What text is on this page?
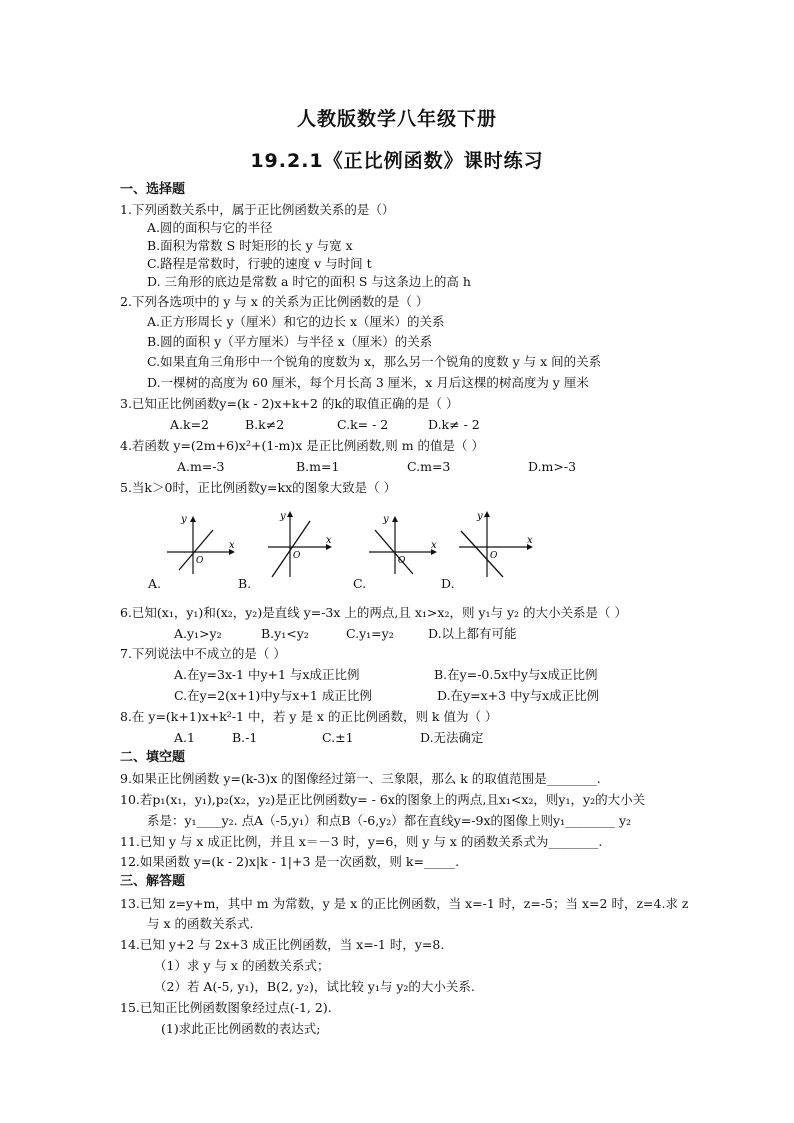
人教版数学八年级下册
19.2.1《正比例函数》课时练习
一、选择题
1.下列函数关系中，属于正比例函数关系的是（）
A.圆的面积与它的半径
B.面积为常数 S 时矩形的长 y 与宽 x
C.路程是常数时，行驶的速度 v 与时间 t
D. 三角形的底边是常数 a 时它的面积 S 与这条边上的高 h
2.下列各选项中的 y 与 x 的关系为正比例函数的是（ ）
A.正方形周长 y（厘米）和它的边长 x（厘米）的关系
B.圆的面积 y（平方厘米）与半径 x（厘米）的关系
C.如果直角三角形中一个锐角的度数为 x，那么另一个锐角的度数 y 与 x 间的关系
D.一棵树的高度为 60 厘米，每个月长高 3 厘米，x 月后这棵的树高度为 y 厘米
3.已知正比例函数y=(k - 2)x+k+2 的k的取值正确的是（ ）
A.k=2	B.k≠2	C.k= - 2	D.k≠ - 2
4.若函数 y=(2m+6)x²+(1-m)x 是正比例函数,则 m 的值是（ ）
A.m=-3	B.m=1	C.m=3	D.m>-3
5.当k＞0时，正比例函数y=kx的图象大致是（ ）
y
x
O
A.
y
x
O
B.
y
x
O
C.
y
x
O
D.
6.已知(x₁，y₁)和(x₂，y₂)是直线 y=-3x 上的两点,且 x₁>x₂，则 y₁与 y₂ 的大小关系是（ ）
A.y₁>y₂	B.y₁<y₂	C.y₁=y₂	D.以上都有可能
7.下列说法中不成立的是（ ）
A.在y=3x-1 中y+1 与x成正比例	B.在y=-0.5x中y与x成正比例
C.在y=2(x+1)中y与x+1 成正比例	D.在y=x+3 中y与x成正比例
8.在 y=(k+1)x+k²-1 中，若 y 是 x 的正比例函数，则 k 值为（ ）
A.1	B.-1	C.±1	D.无法确定
二、填空题
9.如果正比例函数 y=(k-3)x 的图像经过第一、三象限，那么 k 的取值范围是________.
10.若p₁(x₁，y₁),p₂(x₂，y₂)是正比例函数y= - 6x的图象上的两点,且x₁<x₂，则y₁，y₂的大小关
系是：y₁____y₂. 点A（-5,y₁）和点B（-6,y₂）都在直线y=-9x的图像上则y₁________ y₂
11.已知 y 与 x 成正比例，并且 x＝－3 时，y=6，则 y 与 x 的函数关系式为________.
12.如果函数 y=(k - 2)x|k - 1|+3 是一次函数，则 k=_____.
三、解答题
13.已知 z=y+m，其中 m 为常数，y 是 x 的正比例函数，当 x=-1 时，z=-5；当 x=2 时，z=4.求 z
与 x 的函数关系式.
14.已知 y+2 与 2x+3 成正比例函数，当 x=-1 时，y=8.
（1）求 y 与 x 的函数关系式；
（2）若 A(-5, y₁)，B(2, y₂)，试比较 y₁与 y₂的大小关系.
15.已知正比例函数图象经过点(-1, 2).
(1)求此正比例函数的表达式;
